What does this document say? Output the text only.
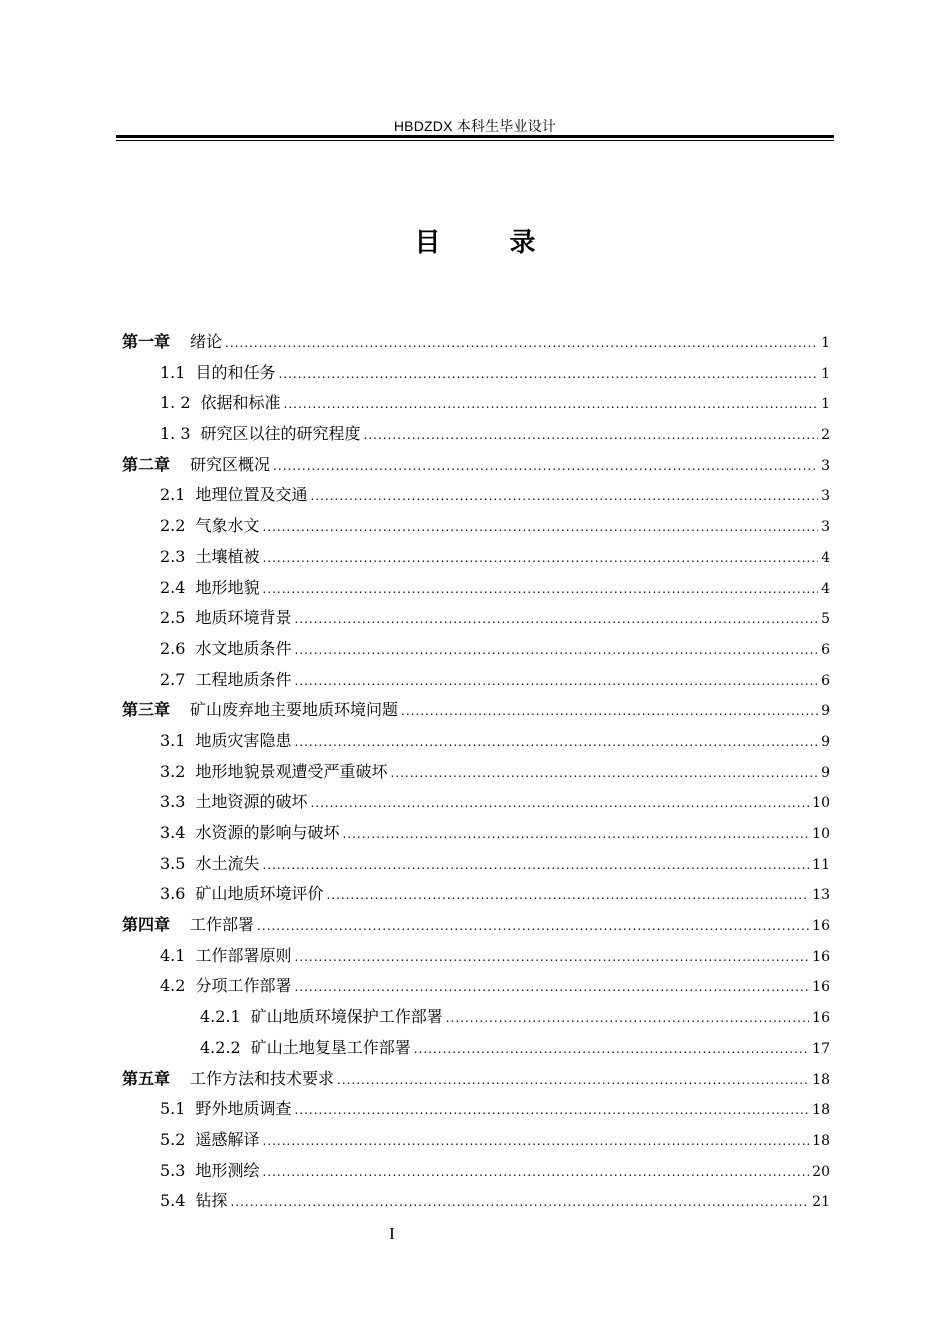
HBDZDX 本科生毕业设计
目 录
第一章 绪论 .....	1
1.1 目的和任务 .....	1
1. 2 依据和标准 .....	1
1. 3 研究区以往的研究程度 .....	2
第二章 研究区概况 .....	3
2.1 地理位置及交通 .....	3
2.2 气象水文 .....	3
2.3 土壤植被 .....	4
2.4 地形地貌 .....	4
2.5 地质环境背景 .....	5
2.6 水文地质条件 .....	6
2.7 工程地质条件 .....	6
第三章 矿山废弃地主要地质环境问题 .....	9
3.1 地质灾害隐患 .....	9
3.2 地形地貌景观遭受严重破坏 .....	9
3.3 土地资源的破坏 .....	10
3.4 水资源的影响与破坏 .....	10
3.5 水土流失 .....	11
3.6 矿山地质环境评价 .....	13
第四章 工作部署 .....	16
4.1 工作部署原则 .....	16
4.2 分项工作部署 .....	16
4.2.1 矿山地质环境保护工作部署 .....	16
4.2.2 矿山土地复垦工作部署 .....	17
第五章 工作方法和技术要求 .....	18
5.1 野外地质调查 .....	18
5.2 遥感解译 .....	18
5.3 地形测绘 .....	20
5.4 钻探 .....	21
I
